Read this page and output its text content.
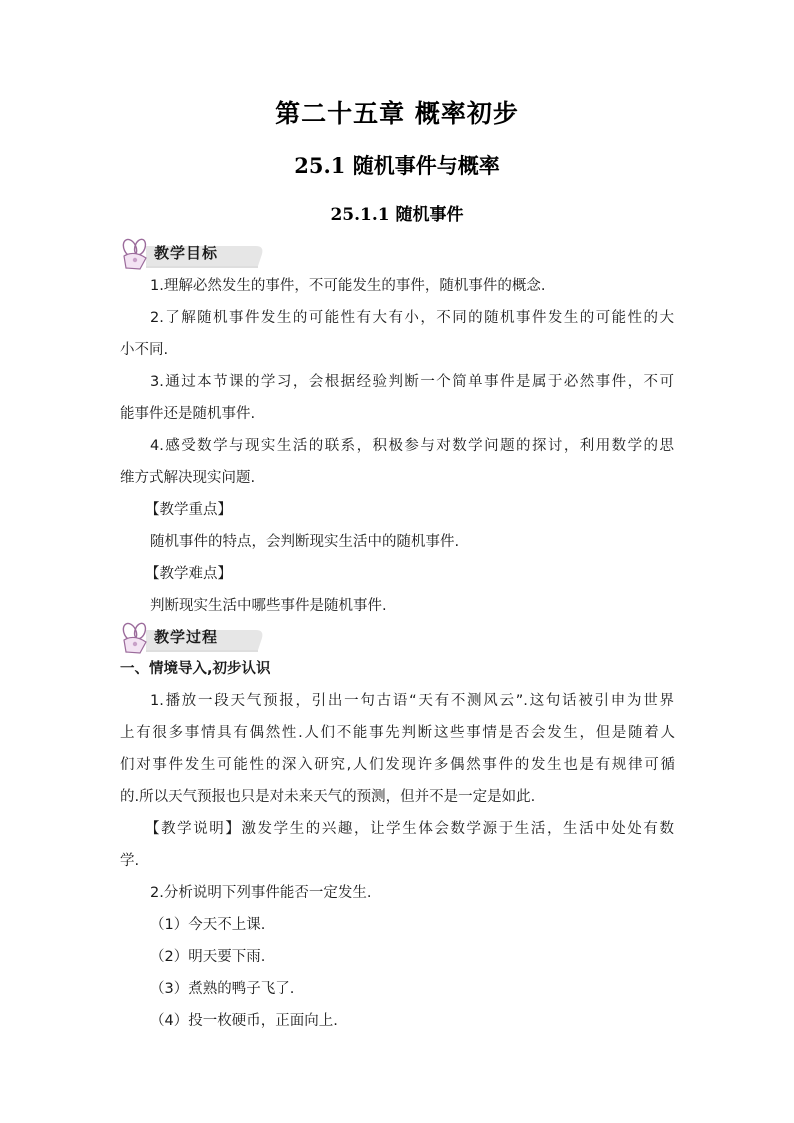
第二十五章 概率初步
25.1 随机事件与概率
25.1.1 随机事件
教学目标
1.理解必然发生的事件，不可能发生的事件，随机事件的概念.
2.了解随机事件发生的可能性有大有小，不同的随机事件发生的可能性的大
小不同.
3.通过本节课的学习，会根据经验判断一个简单事件是属于必然事件，不可
能事件还是随机事件.
4.感受数学与现实生活的联系，积极参与对数学问题的探讨，利用数学的思
维方式解决现实问题.
【教学重点】
随机事件的特点，会判断现实生活中的随机事件.
【教学难点】
判断现实生活中哪些事件是随机事件.
教学过程
一、情境导入,初步认识
1.播放一段天气预报，引出一句古语“天有不测风云”.这句话被引申为世界
上有很多事情具有偶然性.人们不能事先判断这些事情是否会发生，但是随着人
们对事件发生可能性的深入研究,人们发现许多偶然事件的发生也是有规律可循
的.所以天气预报也只是对未来天气的预测，但并不是一定是如此.
【教学说明】激发学生的兴趣，让学生体会数学源于生活，生活中处处有数
学.
2.分析说明下列事件能否一定发生.
（1）今天不上课.
（2）明天要下雨.
（3）煮熟的鸭子飞了.
（4）投一枚硬币，正面向上.
